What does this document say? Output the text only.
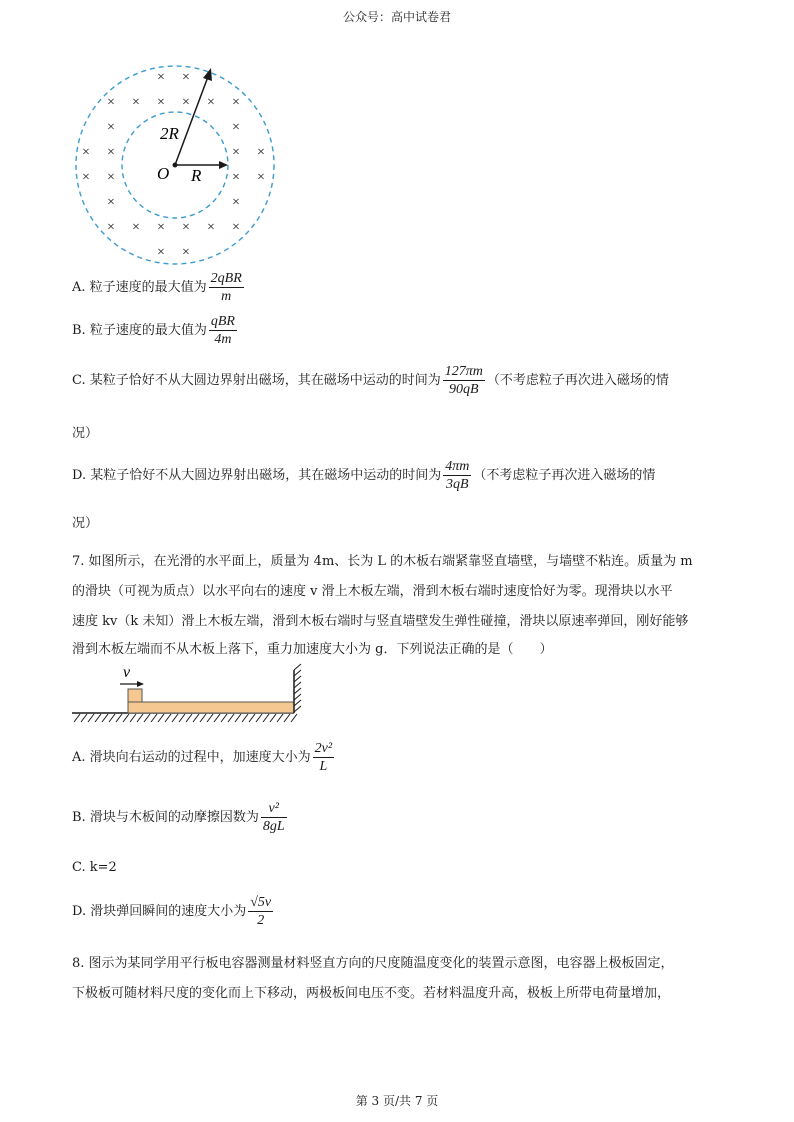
公众号：高中试卷君
× ×
× × × × × ×
×	×
× ×	× ×
× ×	× ×
×	×
× × × × × ×
× ×
2R
O R
A. 粒子速度的最大值为 $\frac{\text{2qBR}}{m}$
B. 粒子速度的最大值为 $\frac{\text{qBR}}{4m}$
C. 某粒子恰好不从大圆边界射出磁场，其在磁场中运动的时间为 $\frac{127\pi m}{90qB}$ （不考虑粒子再次进入磁场的情
况）
D. 某粒子恰好不从大圆边界射出磁场，其在磁场中运动的时间为 $\frac{4\pi m}{3qB}$ （不考虑粒子再次进入磁场的情
况）
7. 如图所示，在光滑的水平面上，质量为 4m、长为 L 的木板右端紧靠竖直墙壁，与墙壁不粘连。质量为 m
的滑块（可视为质点）以水平向右的速度 v 滑上木板左端，滑到木板右端时速度恰好为零。现滑块以水平
速度 kv（k 未知）滑上木板左端，滑到木板右端时与竖直墙壁发生弹性碰撞，滑块以原速率弹回，刚好能够
滑到木板左端而不从木板上落下，重力加速度大小为 g．下列说法正确的是（　　）
v
A. 滑块向右运动的过程中，加速度大小为 $\frac{\text{2v²}}{L}$
B. 滑块与木板间的动摩擦因数为 $\frac{\text{v²}}{8gL}$
C. k=2
D. 滑块弹回瞬间的速度大小为 $\frac{√5v}{2}$
8. 图示为某同学用平行板电容器测量材料竖直方向的尺度随温度变化的装置示意图，电容器上极板固定，
下极板可随材料尺度的变化而上下移动，两极板间电压不变。若材料温度升高，极板上所带电荷量增加，
第 3 页/共 7 页
